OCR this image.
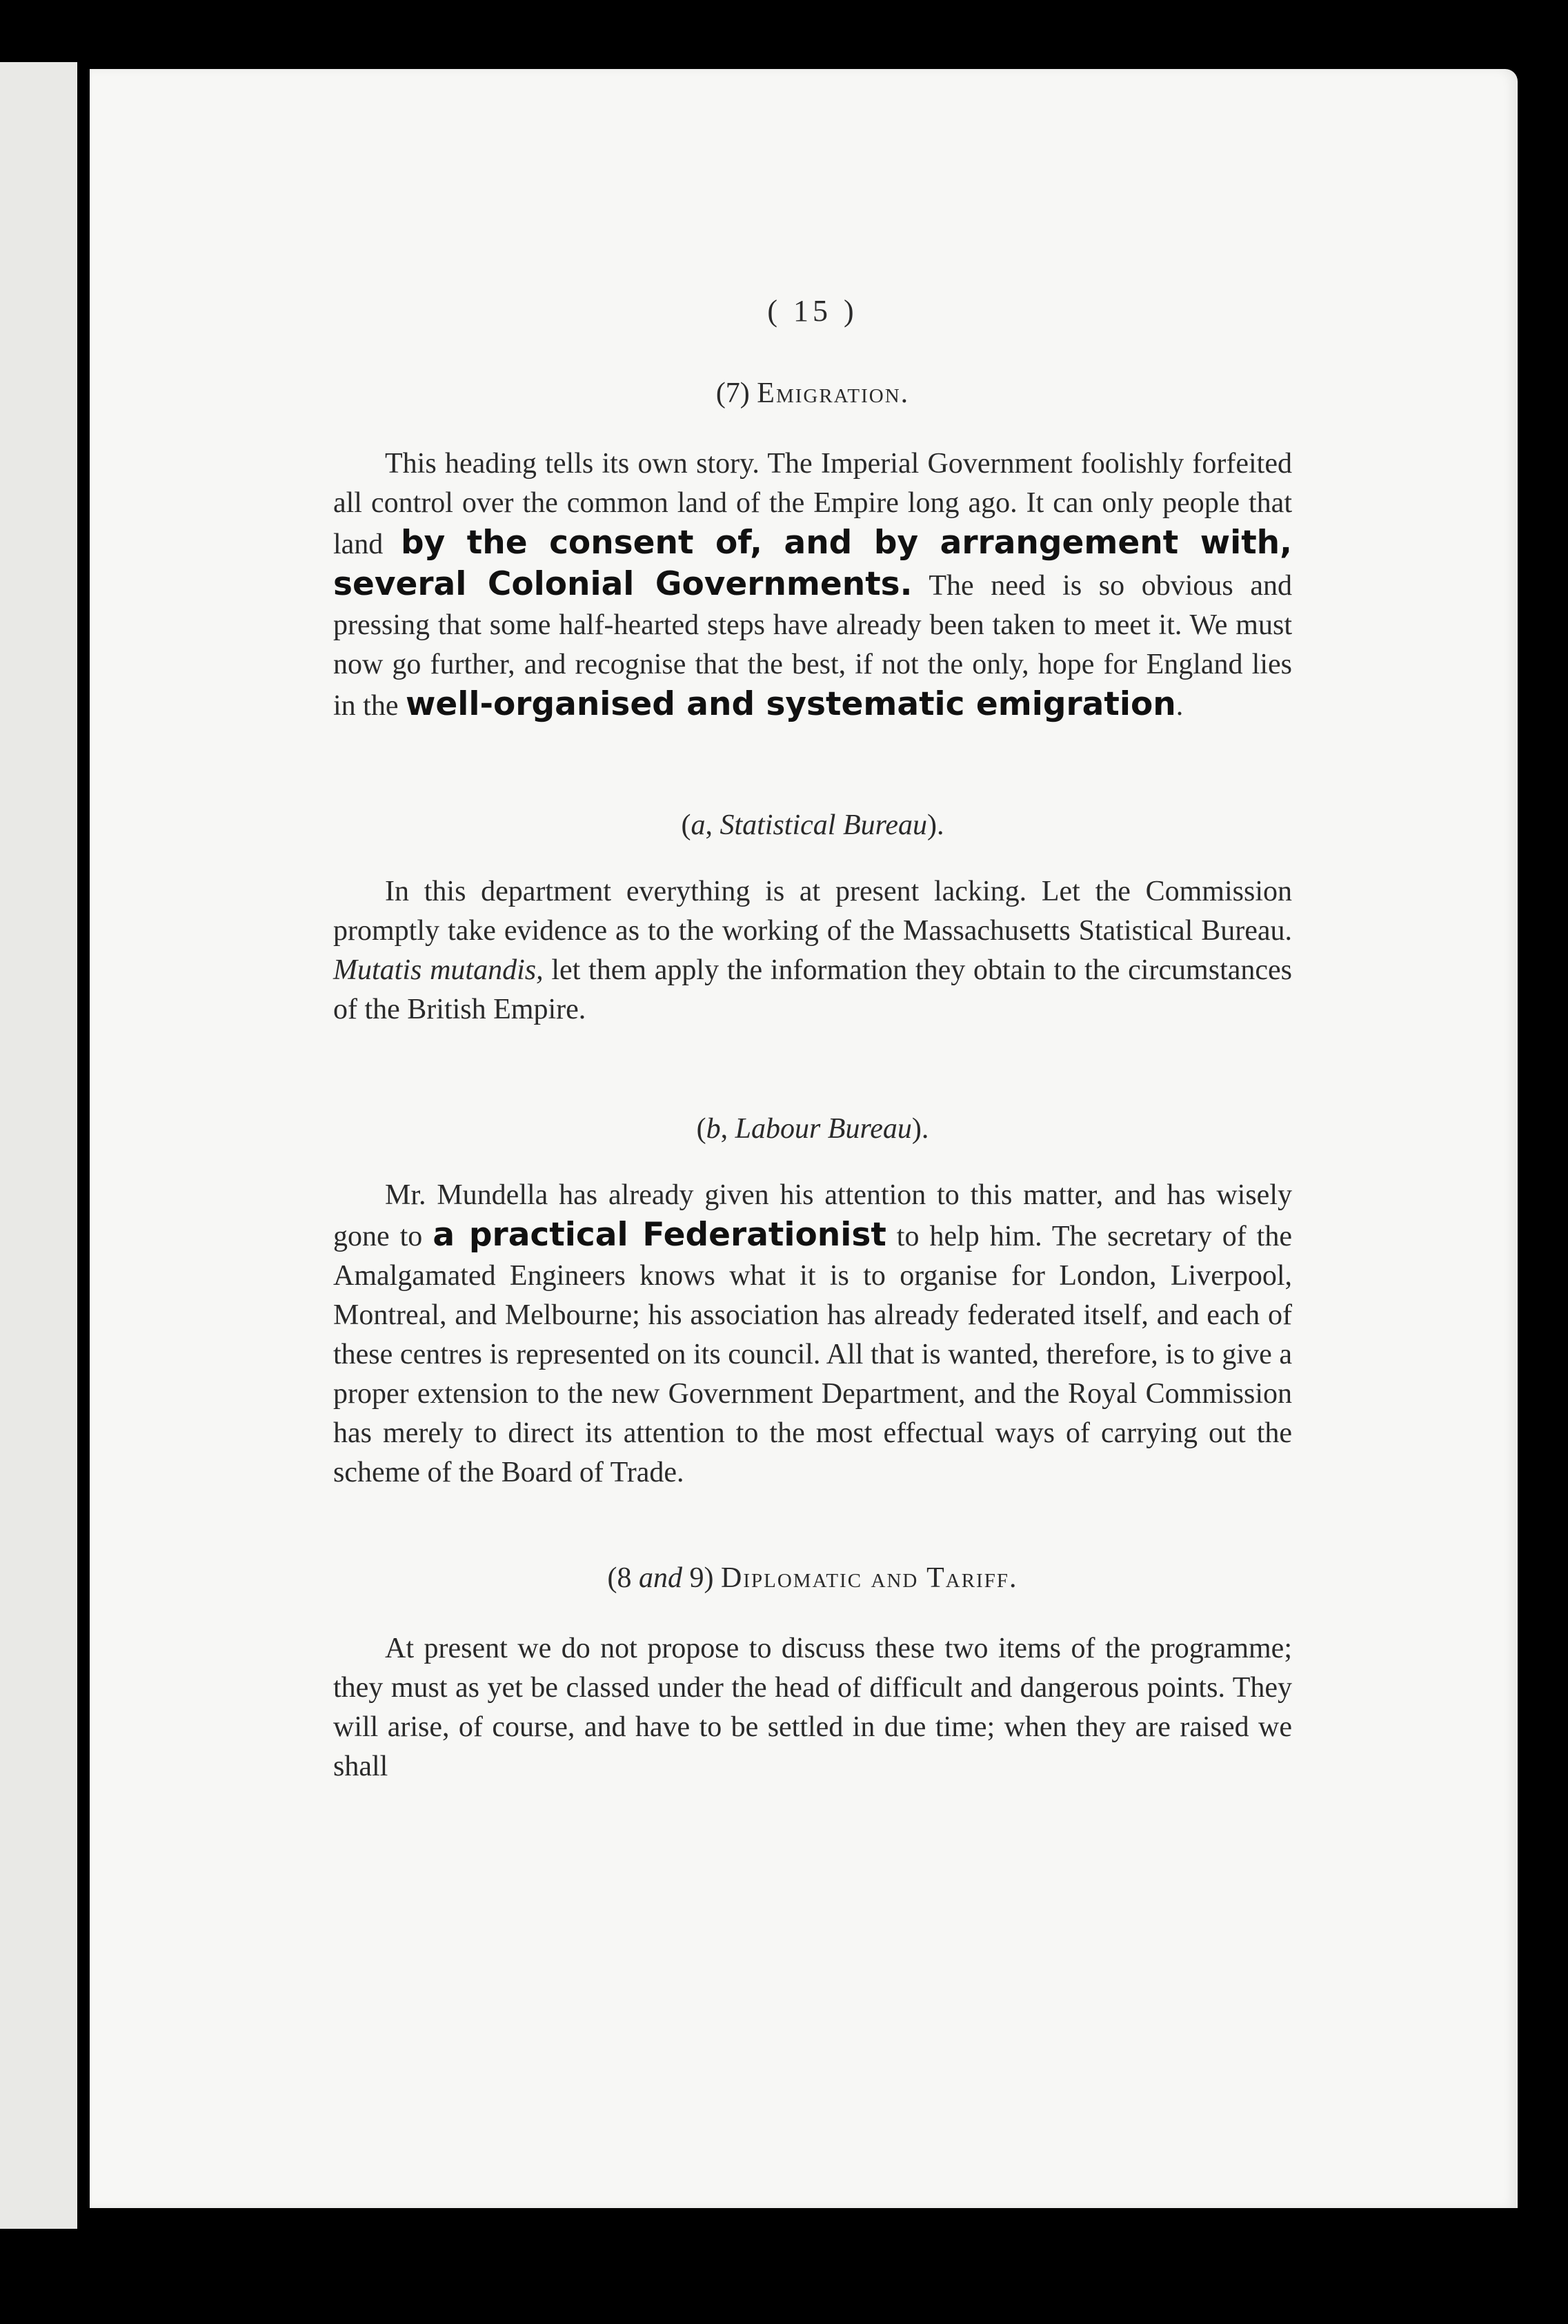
( 15 )
(7) Emigration.

This heading tells its own story. The Imperial Government foolishly forfeited all control over the common land of the Empire long ago. It can only people that land by the consent of, and by arrangement with, several Colonial Governments. The need is so obvious and pressing that some half-hearted steps have already been taken to meet it. We must now go further, and recognise that the best, if not the only, hope for England lies in the well-organised and systematic emigration.

(a, Statistical Bureau).

In this department everything is at present lacking. Let the Commission promptly take evidence as to the working of the Massachusetts Statistical Bureau. Mutatis mutandis, let them apply the information they obtain to the circumstances of the British Empire.

(b, Labour Bureau).

Mr. Mundella has already given his attention to this matter, and has wisely gone to a practical Federationist to help him. The secretary of the Amalgamated Engineers knows what it is to organise for London, Liverpool, Montreal, and Melbourne; his association has already federated itself, and each of these centres is represented on its council. All that is wanted, therefore, is to give a proper extension to the new Government Department, and the Royal Commission has merely to direct its attention to the most effectual ways of carrying out the scheme of the Board of Trade.

(8 and 9) Diplomatic and Tariff.

At present we do not propose to discuss these two items of the programme; they must as yet be classed under the head of difficult and dangerous points. They will arise, of course, and have to be settled in due time; when they are raised we shall
